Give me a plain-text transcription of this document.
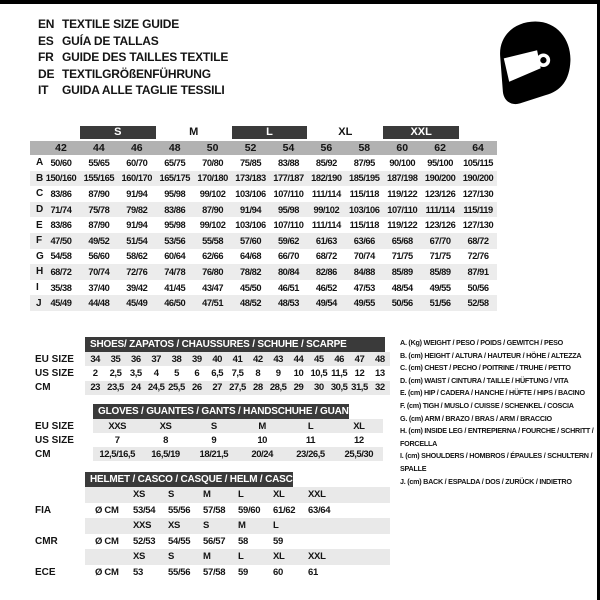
EN TEXTILE SIZE GUIDE
ES GUÍA DE TALLAS
FR GUIDE DES TAILLES TEXTILE
DE TEXTILGRÖßENFÜHRUNG
IT	GUIDA ALLE TAGLIE TESSILI
S	M	L	XL	XXL
42	44	46	48	50	52	54	56	58	60	62	64
A 50/60	55/65	60/70	65/75	70/80	75/85	83/88	85/92	87/95	90/100	95/100	105/115
B 150/160 155/165 160/170 165/175 170/180 173/183 177/187 182/190 185/195 187/198 190/200 190/200
C 83/86	87/90	91/94	95/98	99/102	103/106 107/110 111/114 115/118 119/122 123/126 127/130
D 71/74	75/78	79/82	83/86	87/90	91/94	95/98	99/102	103/106 107/110 111/114 115/119
E 83/86	87/90	91/94	95/98	99/102	103/106 107/110 111/114 115/118 119/122 123/126 127/130
F 47/50	49/52	51/54	53/56	55/58	57/60	59/62	61/63	63/66	65/68	67/70	68/72
G 54/58	56/60	58/62	60/64	62/66	64/68	66/70	68/72	70/74	71/75	71/75	72/76
H 68/72	70/74	72/76	74/78	76/80	78/82	80/84	82/86	84/88	85/89	85/89	87/91
I	35/38	37/40	39/42	41/45	43/47	45/50	46/51	46/52	47/53	48/54	49/55	50/56
J 45/49	44/48	45/49	46/50	47/51	48/52	48/53	49/54	49/55	50/56	51/56	52/58
SHOES/ ZAPATOS / CHAUSSURES / SCHUHE / SCARPE
EU SIZE	34	35	36	37	38	39	40	41	42	43	44	45	46	47	48
US SIZE	2	2,5 3,5	4	5	6	6,5 7,5	8	9	10 10,5 11,5 12	13
CM	23 23,5 24 24,5 25,5 26	27 27,5 28 28,5 29	30 30,5 31,5 32
GLOVES / GUANTES / GANTS / HANDSCHUHE / GUANTI
EU SIZE	XXS	XS	S	M	L	XL
US SIZE	7	8	9	10	11	12
CM	12,5/16,5	16,5/19	18/21,5	20/24	23/26,5	25,5/30
HELMET / CASCO / CASQUE / HELM / CASCO
XS	S	M	L	XL	XXL
FIA	Ø CM	53/54	55/56	57/58	59/60	61/62	63/64
XXS	XS	S	M	L
CMR	Ø CM	52/53	54/55	56/57	58	59
XS	S	M	L	XL	XXL
ECE	Ø CM	53	55/56	57/58	59	60	61
A. (Kg) WEIGHT / PESO / POIDS / GEWITCH / PESO
B. (cm) HEIGHT / ALTURA / HAUTEUR / HÖHE / ALTEZZA
C. (cm) CHEST / PECHO / POITRINE / TRUHE / PETTO
D. (cm) WAIST / CINTURA / TAILLE / HÜFTUNG / VITA
E. (cm) HIP / CADERA / HANCHE / HÜFTE / HIPS / BACINO
F. (cm) TIGH / MUSLO / CUISSE / SCHENKEL / COSCIA
G. (cm) ARM / BRAZO / BRAS / ARM / BRACCIO
H. (cm) INSIDE LEG / ENTREPIERNA / FOURCHE / SCHRITT / FORCELLA
I. (cm) SHOULDERS / HOMBROS / ÉPAULES / SCHULTERN / SPALLE
J. (cm) BACK / ESPALDA / DOS / ZURÜCK / INDIETRO
